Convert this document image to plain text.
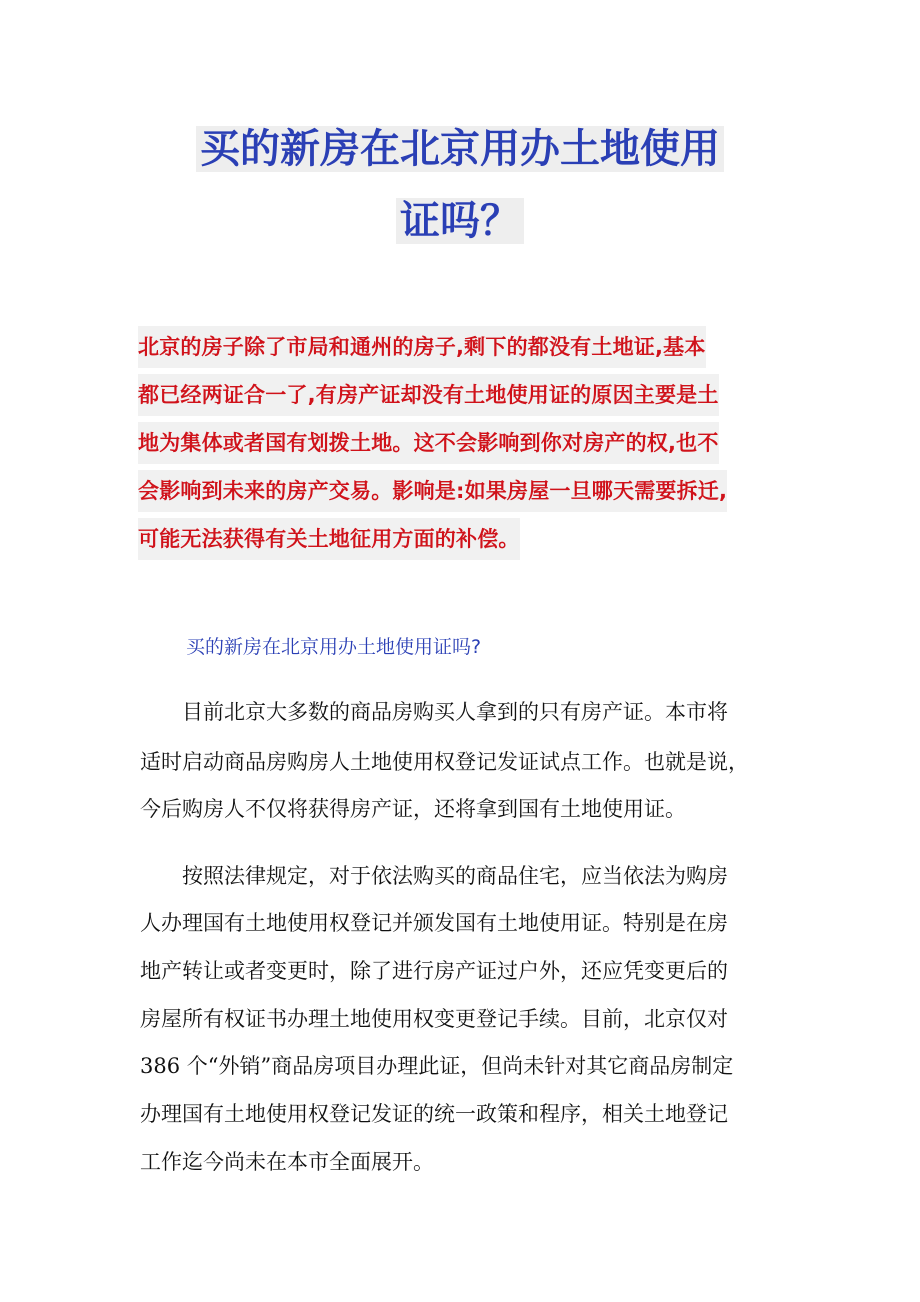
买的新房在北京用办土地使用
证吗？
北京的房子除了市局和通州的房子,剩下的都没有土地证,基本
都已经两证合一了,有房产证却没有土地使用证的原因主要是土
地为集体或者国有划拨土地。这不会影响到你对房产的权,也不
会影响到未来的房产交易。影响是:如果房屋一旦哪天需要拆迁,
可能无法获得有关土地征用方面的补偿。
买的新房在北京用办土地使用证吗?
　　目前北京大多数的商品房购买人拿到的只有房产证。本市将
适时启动商品房购房人土地使用权登记发证试点工作。也就是说，
今后购房人不仅将获得房产证，还将拿到国有土地使用证。
　　按照法律规定，对于依法购买的商品住宅，应当依法为购房
人办理国有土地使用权登记并颁发国有土地使用证。特别是在房
地产转让或者变更时，除了进行房产证过户外，还应凭变更后的
房屋所有权证书办理土地使用权变更登记手续。目前，北京仅对
386 个“外销”商品房项目办理此证，但尚未针对其它商品房制定
办理国有土地使用权登记发证的统一政策和程序，相关土地登记
工作迄今尚未在本市全面展开。
